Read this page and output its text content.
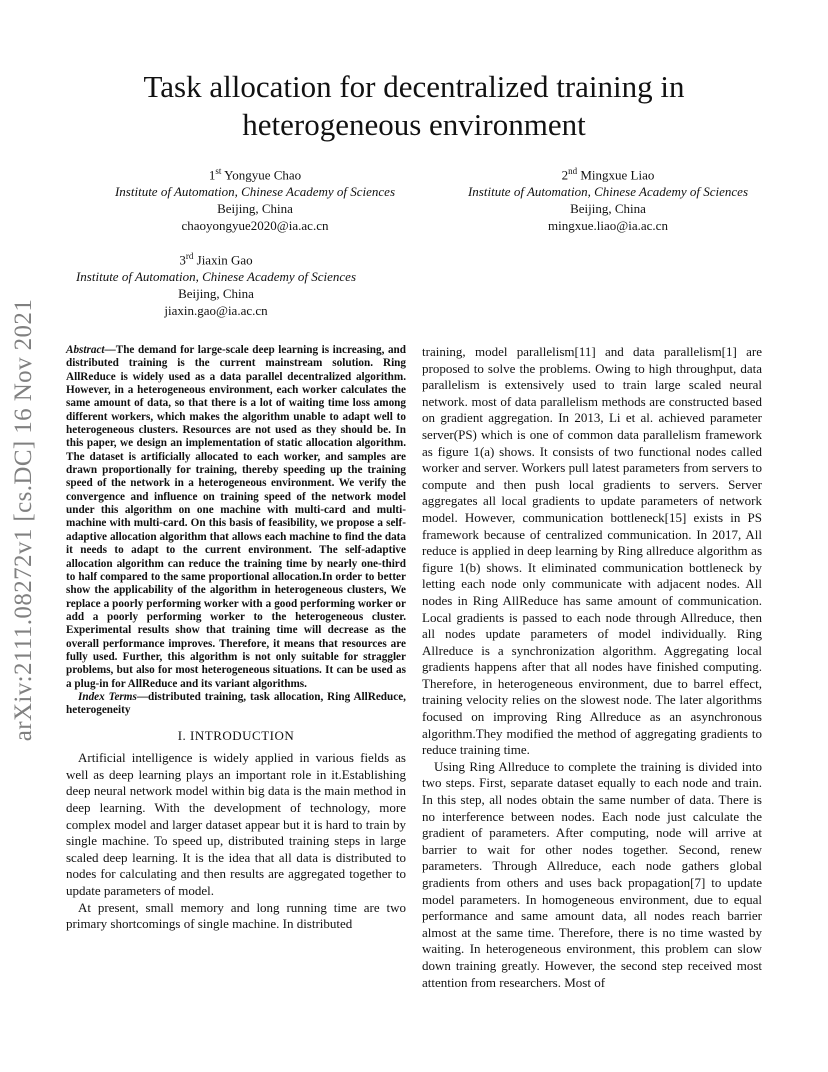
arXiv:2111.08272v1 [cs.DC] 16 Nov 2021
Task allocation for decentralized training in heterogeneous environment
1st Yongyue Chao
Institute of Automation, Chinese Academy of Sciences
Beijing, China
chaoyongyue2020@ia.ac.cn
2nd Mingxue Liao
Institute of Automation, Chinese Academy of Sciences
Beijing, China
mingxue.liao@ia.ac.cn
3rd Jiaxin Gao
Institute of Automation, Chinese Academy of Sciences
Beijing, China
jiaxin.gao@ia.ac.cn

Abstract—The demand for large-scale deep learning is increasing, and distributed training is the current mainstream solution. Ring AllReduce is widely used as a data parallel decentralized algorithm. However, in a heterogeneous environment, each worker calculates the same amount of data, so that there is a lot of waiting time loss among different workers, which makes the algorithm unable to adapt well to heterogeneous clusters. Resources are not used as they should be. In this paper, we design an implementation of static allocation algorithm. The dataset is artificially allocated to each worker, and samples are drawn proportionally for training, thereby speeding up the training speed of the network in a heterogeneous environment. We verify the convergence and influence on training speed of the network model under this algorithm on one machine with multi-card and multi-machine with multi-card. On this basis of feasibility, we propose a self-adaptive allocation algorithm that allows each machine to find the data it needs to adapt to the current environment. The self-adaptive allocation algorithm can reduce the training time by nearly one-third to half compared to the same proportional allocation.In order to better show the applicability of the algorithm in heterogeneous clusters, We replace a poorly performing worker with a good performing worker or add a poorly performing worker to the heterogeneous cluster. Experimental results show that training time will decrease as the overall performance improves. Therefore, it means that resources are fully used. Further, this algorithm is not only suitable for straggler problems, but also for most heterogeneous situations. It can be used as a plug-in for AllReduce and its variant algorithms.

Index Terms—distributed training, task allocation, Ring AllReduce, heterogeneity

I. INTRODUCTION

Artificial intelligence is widely applied in various fields as well as deep learning plays an important role in it.Establishing deep neural network model within big data is the main method in deep learning. With the development of technology, more complex model and larger dataset appear but it is hard to train by single machine. To speed up, distributed training steps in large scaled deep learning. It is the idea that all data is distributed to nodes for calculating and then results are aggregated together to update parameters of model.

At present, small memory and long running time are two primary shortcomings of single machine. In distributed

training, model parallelism[11] and data parallelism[1] are proposed to solve the problems. Owing to high throughput, data parallelism is extensively used to train large scaled neural network. most of data parallelism methods are constructed based on gradient aggregation. In 2013, Li et al. achieved parameter server(PS) which is one of common data parallelism framework as figure 1(a) shows. It consists of two functional nodes called worker and server. Workers pull latest parameters from servers to compute and then push local gradients to servers. Server aggregates all local gradients to update parameters of network model. However, communication bottleneck[15] exists in PS framework because of centralized communication. In 2017, All reduce is applied in deep learning by Ring allreduce algorithm as figure 1(b) shows. It eliminated communication bottleneck by letting each node only communicate with adjacent nodes. All nodes in Ring AllReduce has same amount of communication. Local gradients is passed to each node through Allreduce, then all nodes update parameters of model individually. Ring Allreduce is a synchronization algorithm. Aggregating local gradients happens after that all nodes have finished computing. Therefore, in heterogeneous environment, due to barrel effect, training velocity relies on the slowest node. The later algorithms focused on improving Ring Allreduce as an asynchronous algorithm.They modified the method of aggregating gradients to reduce training time.

Using Ring Allreduce to complete the training is divided into two steps. First, separate dataset equally to each node and train. In this step, all nodes obtain the same number of data. There is no interference between nodes. Each node just calculate the gradient of parameters. After computing, node will arrive at barrier to wait for other nodes together. Second, renew parameters. Through Allreduce, each node gathers global gradients from others and uses back propagation[7] to update model parameters. In homogeneous environment, due to equal performance and same amount data, all nodes reach barrier almost at the same time. Therefore, there is no time wasted by waiting. In heterogeneous environment, this problem can slow down training greatly. However, the second step received most attention from researchers. Most of
